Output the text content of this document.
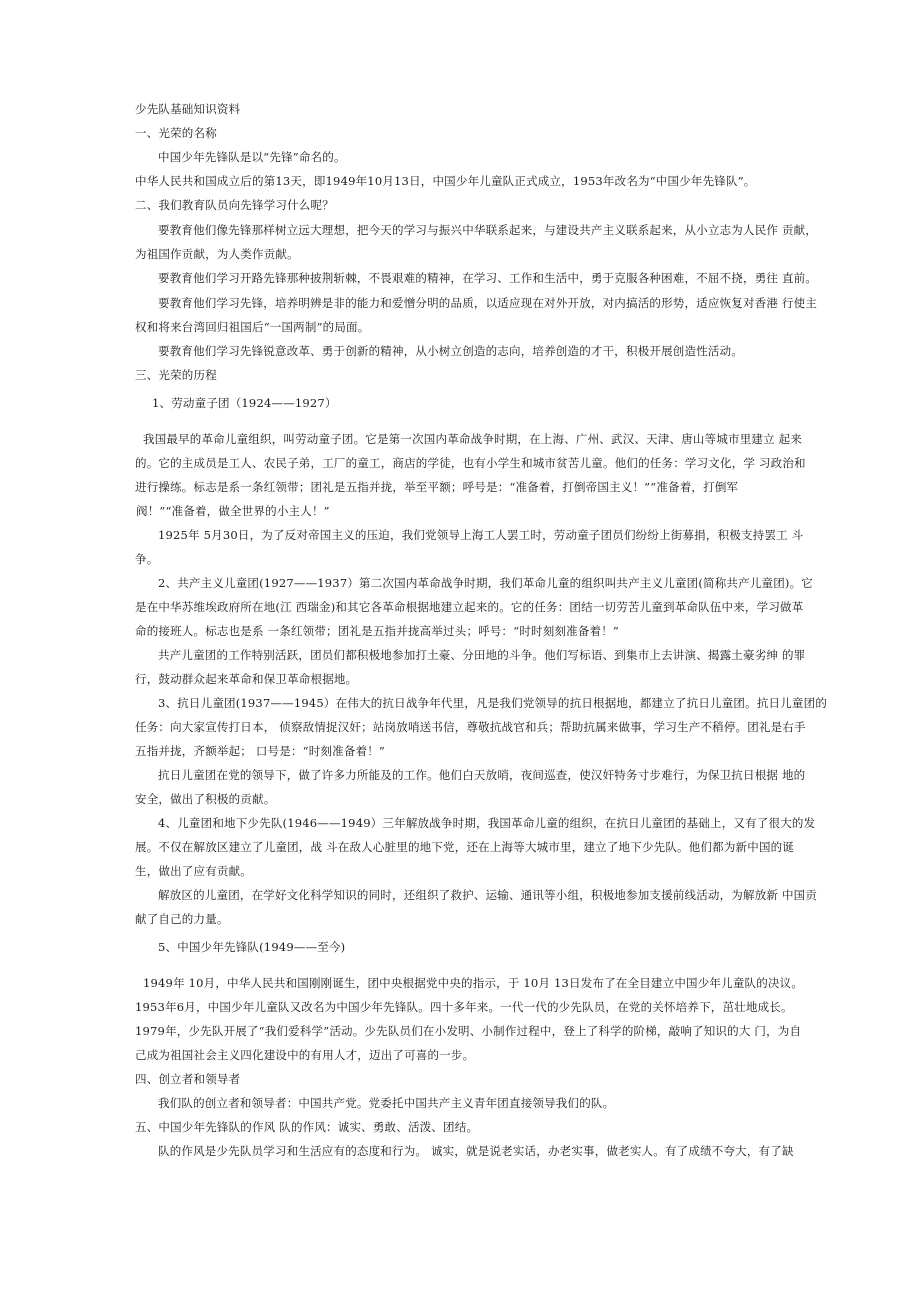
少先队基础知识资料
一、光荣的名称
中国少年先锋队是以“先锋”命名的。
中华人民共和国成立后的第13天，即1949年10月13日，中国少年儿童队正式成立，1953年改名为“中国少年先锋队”。
二、我们教育队员向先锋学习什么呢？
要教育他们像先锋那样树立远大理想，把今天的学习与振兴中华联系起来，与建设共产主义联系起来，从小立志为人民作 贡献，
为祖国作贡献，为人类作贡献。
要教育他们学习开路先锋那种披荆斩棘，不畏艰难的精神，在学习、工作和生活中，勇于克服各种困难，不屈不挠，勇往 直前。
要教育他们学习先锋，培养明辨是非的能力和爱憎分明的品质，以适应现在对外开放，对内搞活的形势，适应恢复对香港 行使主
权和将来台湾回归祖国后“一国两制”的局面。
要教育他们学习先锋锐意改革、勇于创新的精神，从小树立创造的志向，培养创造的才干，积极开展创造性活动。
三、光荣的历程
1、劳动童子团（1924——1927）
我国最早的革命儿童组织，叫劳动童子团。它是第一次国内革命战争时期，在上海、广州、武汉、天津、唐山等城市里建立 起来
的。它的主成员是工人、农民子弟，工厂的童工，商店的学徒，也有小学生和城市贫苦儿童。他们的任务：学习文化，学 习政治和
进行操练。标志是系一条红领带；团礼是五指并拢，举至平额；呼号是：“准备着，打倒帝国主义！”“准备着，打倒军
阀！”“准备着，做全世界的小主人！”
1925年 5月30日，为了反对帝国主义的压迫，我们党领导上海工人罢工时，劳动童子团员们纷纷上街募捐，积极支持罢工 斗
争。
2、共产主义儿童团(1927——1937）第二次国内革命战争时期，我们革命儿童的组织叫共产主义儿童团(简称共产儿童团)。它
是在中华苏维埃政府所在地(江 西瑞金)和其它各革命根据地建立起来的。它的任务：团结一切劳苦儿童到革命队伍中来，学习做革
命的接班人。标志也是系 一条红领带；团礼是五指并拢高举过头；呼号：“时时刻刻准备着！”
共产儿童团的工作特别活跃，团员们都积极地参加打土豪、分田地的斗争。他们写标语、到集市上去讲演、揭露土豪劣绅 的罪
行，鼓动群众起来革命和保卫革命根据地。
3、抗日儿童团(1937——1945）在伟大的抗日战争年代里，凡是我们党领导的抗日根据地，都建立了抗日儿童团。抗日儿童团的
任务：向大家宣传打日本， 侦察敌情捉汉奸；站岗放哨送书信，尊敬抗战官和兵；帮助抗属来做事，学习生产不稍停。团礼是右手
五指并拢，齐额举起； 口号是：“时刻准备着！”
抗日儿童团在党的领导下，做了许多力所能及的工作。他们白天放哨，夜间巡查，使汉奸特务寸步难行，为保卫抗日根据 地的
安全，做出了积极的贡献。
4、儿童团和地下少先队(1946——1949）三年解放战争时期，我国革命儿童的组织，在抗日儿童团的基础上，又有了很大的发
展。不仅在解放区建立了儿童团，战 斗在敌人心脏里的地下党，还在上海等大城市里，建立了地下少先队。他们都为新中国的诞
生，做出了应有贡献。
解放区的儿童团，在学好文化科学知识的同时，还组织了救护、运输、通讯等小组，积极地参加支援前线活动，为解放新 中国贡
献了自己的力量。
5、中国少年先锋队(1949——至今)
1949年 10月，中华人民共和国刚刚诞生，团中央根据党中央的指示，于 10月 13日发布了在全目建立中国少年儿童队的决议。
1953年6月，中国少年儿童队又改名为中国少年先锋队。四十多年来。一代一代的少先队员，在党的关怀培养下，茁壮地成长。
1979年，少先队开展了“我们爱科学”活动。少先队员们在小发明、小制作过程中，登上了科学的阶梯，敲响了知识的大 门，为自
己成为祖国社会主义四化建设中的有用人才，迈出了可喜的一步。
四、创立者和领导者
我们队的创立者和领导者：中国共产党。党委托中国共产主义青年团直接领导我们的队。
五、中国少年先锋队的作风 队的作风：诚实、勇敢、活泼、团结。
队的作风是少先队员学习和生活应有的态度和行为。 诚实，就是说老实话，办老实事，做老实人。有了成绩不夸大，有了缺
